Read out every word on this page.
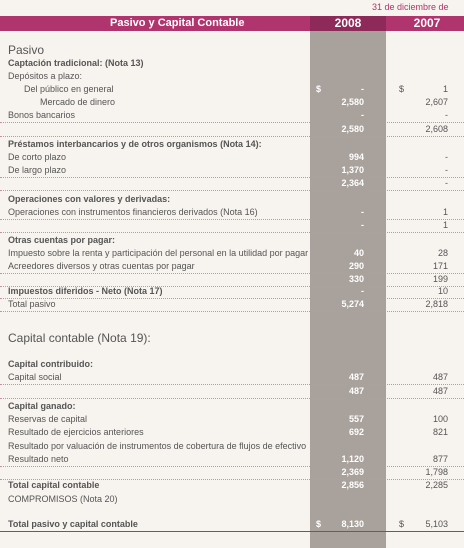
31 de diciembre de
Pasivo y Capital Contable	2008	2007
Pasivo
Captación tradicional: (Nota 13)
Depósitos a plazo:
Del público en general	$	-	$	1
Mercado de dinero	2,580	2,607
Bonos bancarios	-	-
2,580	2,608
Préstamos interbancarios y de otros organismos (Nota 14):
De corto plazo	994	-
De largo plazo	1,370	-
2,364	-
Operaciones con valores y derivadas:
Operaciones con instrumentos financieros derivados (Nota 16)	-	1
-	1
Otras cuentas por pagar:
Impuesto sobre la renta y participación del personal en la utilidad por pagar	40	28
Acreedores diversos y otras cuentas por pagar	290	171
330	199
Impuestos diferidos - Neto (Nota 17)	-	10
Total pasivo	5,274	2,818
Capital contable (Nota 19):
Capital contribuido:
Capital social	487	487
487	487
Capital ganado:
Reservas de capital	557	100
Resultado de ejercicios anteriores	692	821
Resultado por valuación de instrumentos de cobertura de flujos de efectivo
Resultado neto	1,120	877
2,369	1,798
Total capital contable	2,856	2,285
COMPROMISOS (Nota 20)
Total pasivo y capital contable	$	8,130	$	5,103
